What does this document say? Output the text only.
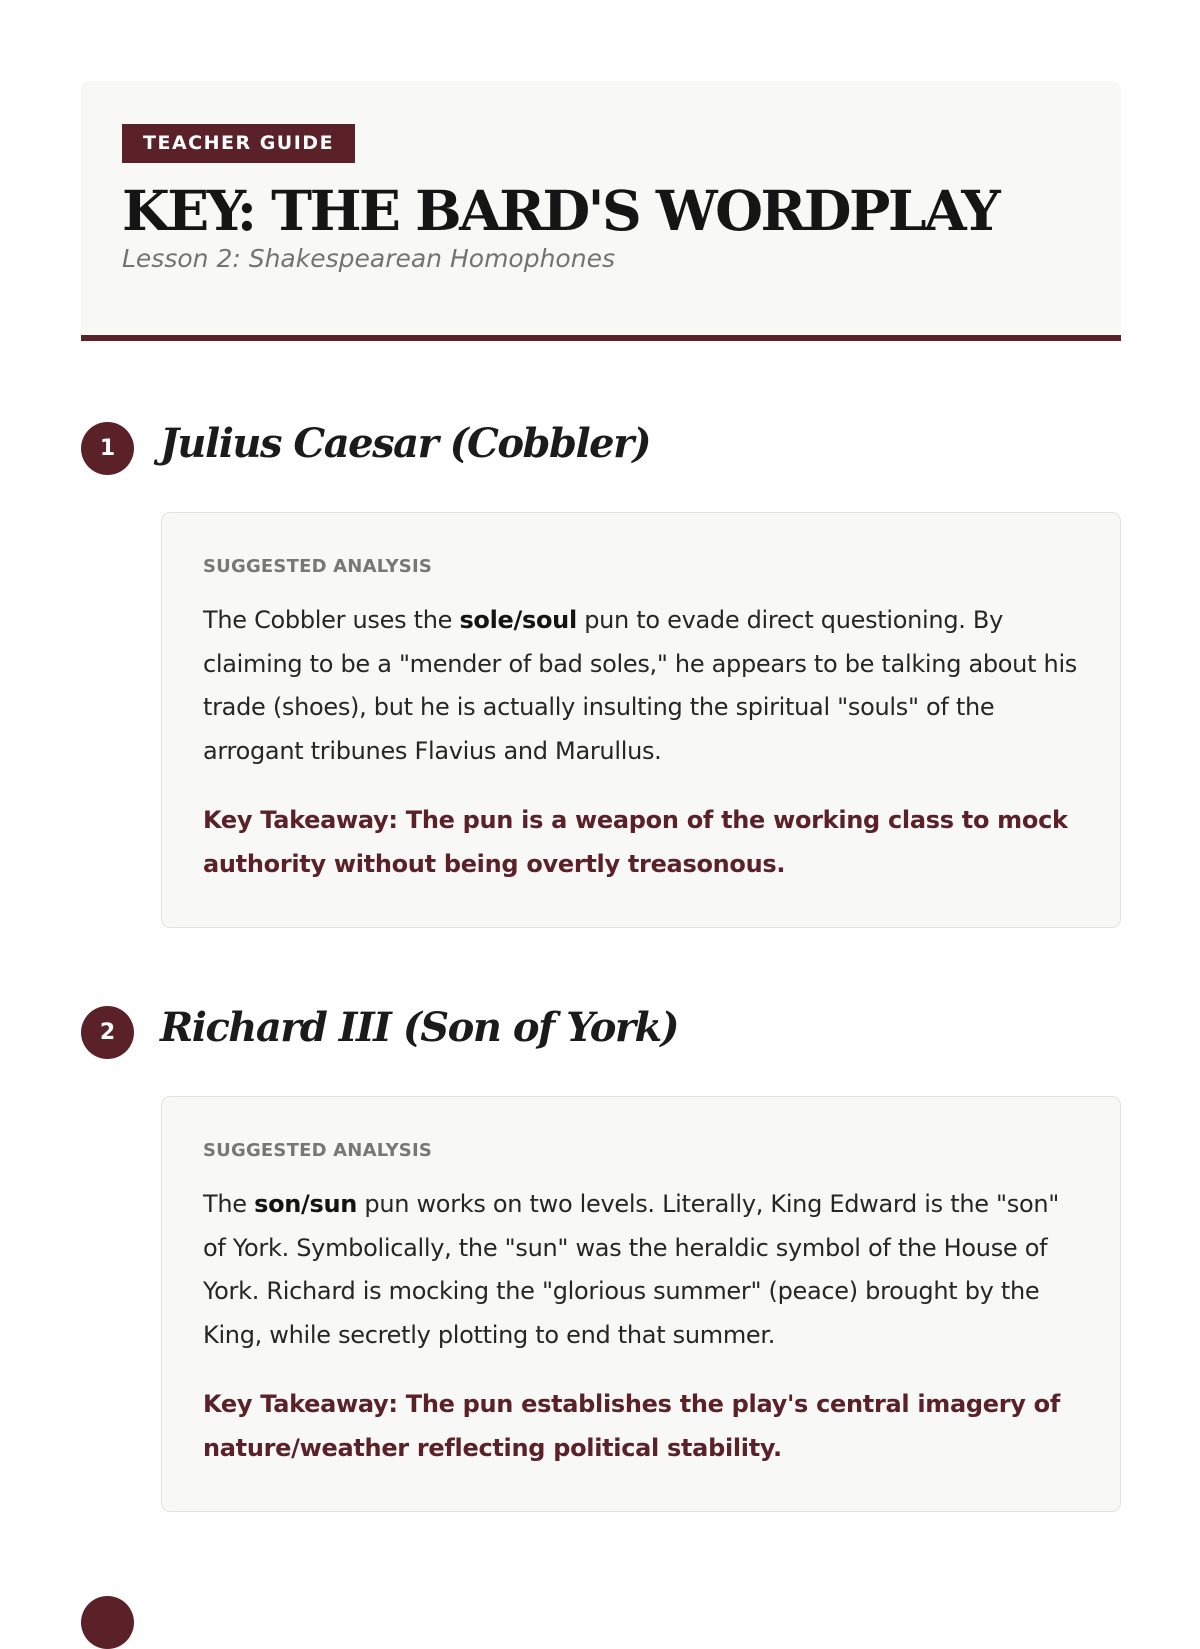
TEACHER GUIDE
KEY: THE BARD'S WORDPLAY

Lesson 2: Shakespearean Homophones

1	Julius Caesar (Cobbler)

SUGGESTED ANALYSIS

The Cobbler uses the sole/soul pun to evade direct questioning. By claiming to be a "mender of bad soles," he appears to be talking about his trade (shoes), but he is actually insulting the spiritual "souls" of the arrogant tribunes Flavius and Marullus.

Key Takeaway: The pun is a weapon of the working class to mock authority without being overtly treasonous.

2	Richard III (Son of York)

SUGGESTED ANALYSIS

The son/sun pun works on two levels. Literally, King Edward is the "son" of York. Symbolically, the "sun" was the heraldic symbol of the House of York. Richard is mocking the "glorious summer" (peace) brought by the King, while secretly plotting to end that summer.

Key Takeaway: The pun establishes the play's central imagery of nature/weather reflecting political stability.
